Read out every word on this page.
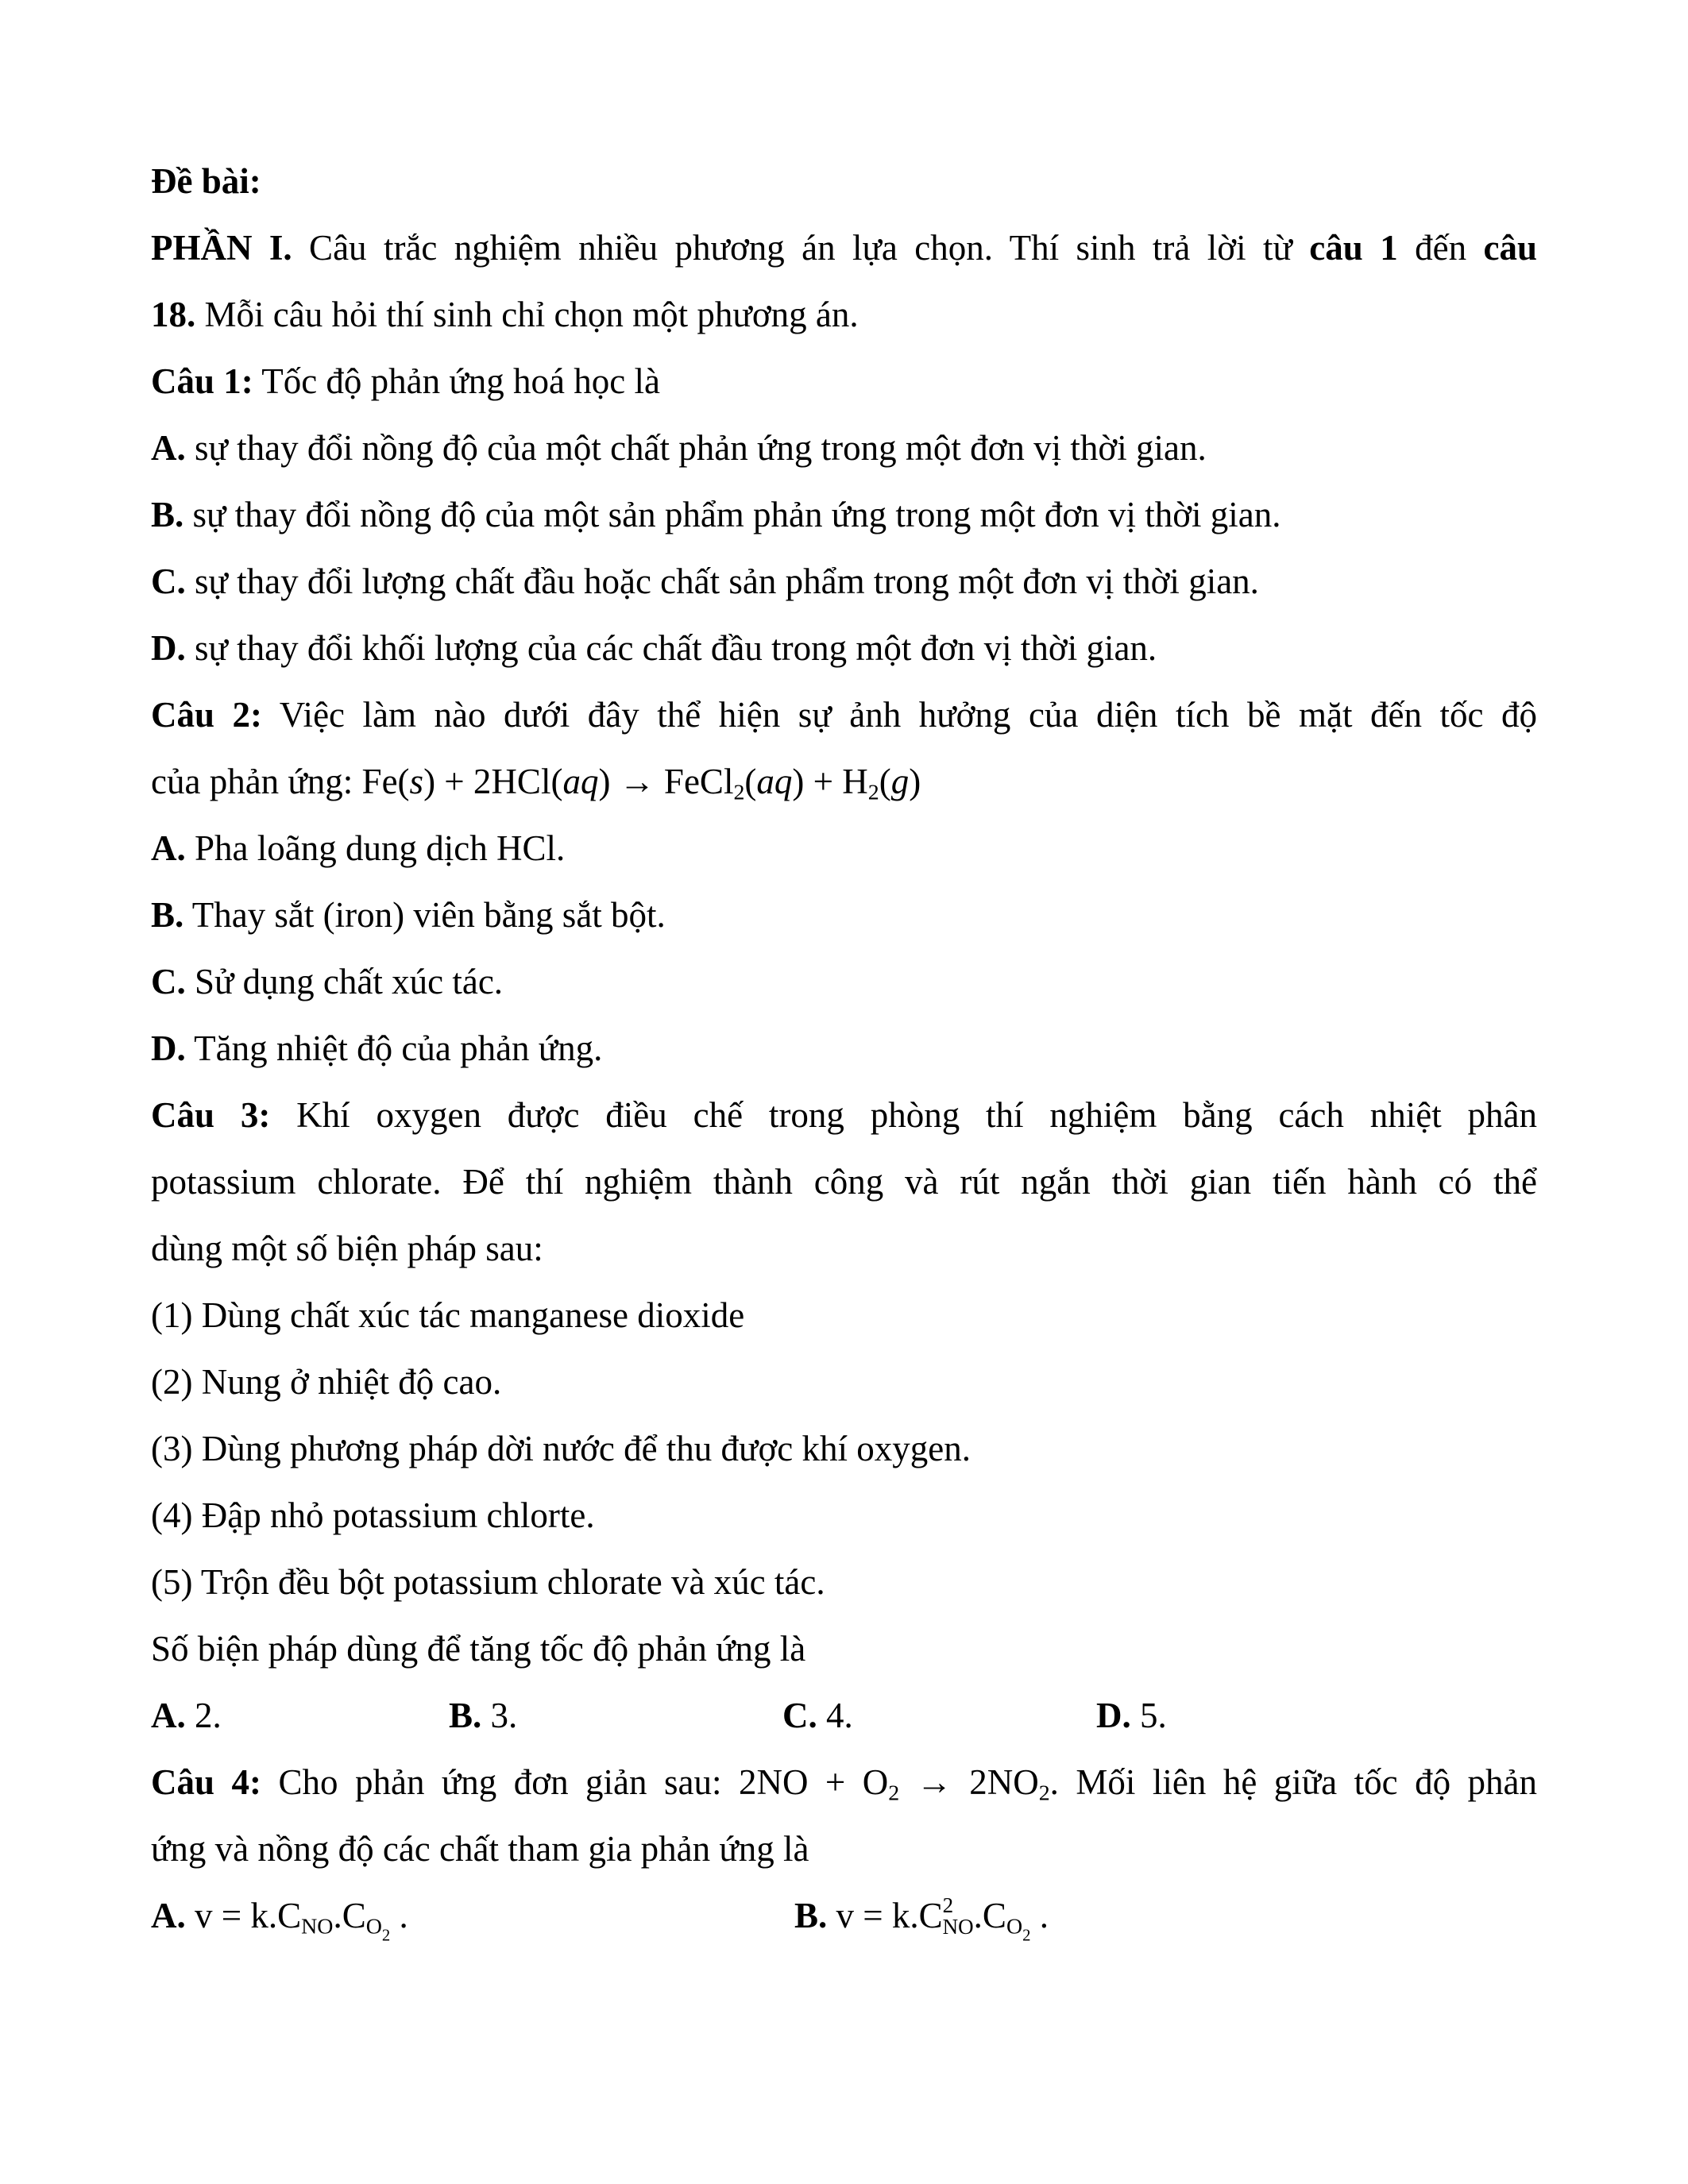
Đề bài:
PHẦN I. Câu trắc nghiệm nhiều phương án lựa chọn. Thí sinh trả lời từ câu 1 đến câu
18. Mỗi câu hỏi thí sinh chỉ chọn một phương án.
Câu 1: Tốc độ phản ứng hoá học là
A. sự thay đổi nồng độ của một chất phản ứng trong một đơn vị thời gian.
B. sự thay đổi nồng độ của một sản phẩm phản ứng trong một đơn vị thời gian.
C. sự thay đổi lượng chất đầu hoặc chất sản phẩm trong một đơn vị thời gian.
D. sự thay đổi khối lượng của các chất đầu trong một đơn vị thời gian.
Câu 2: Việc làm nào dưới đây thể hiện sự ảnh hưởng của diện tích bề mặt đến tốc độ
của phản ứng: Fe(s) + 2HCl(aq) → FeCl$_2$(aq) + $H_2(g)$
A. Pha loãng dung dịch HCl.
B. Thay sắt (iron) viên bằng sắt bột.
C. Sử dụng chất xúc tác.
D. Tăng nhiệt độ của phản ứng.
Câu 3: Khí oxygen được điều chế trong phòng thí nghiệm bằng cách nhiệt phân
potassium chlorate. Để thí nghiệm thành công và rút ngắn thời gian tiến hành có thể
dùng một số biện pháp sau:
(1) Dùng chất xúc tác manganese dioxide
(2) Nung ở nhiệt độ cao.
(3) Dùng phương pháp dời nước để thu được khí oxygen.
(4) Đập nhỏ potassium chlorte.
(5) Trộn đều bột potassium chlorate và xúc tác.
Số biện pháp dùng để tăng tốc độ phản ứng là
A. 2.	B. 3.	C. 4.	D. 5.
Câu 4: Cho phản ứng đơn giản sau: $2NO + O_2 \to 2NO_2$. Mối liên hệ giữa tốc độ phản
ứng và nồng độ các chất tham gia phản ứng là
A. $v = k.C_{NO}.C_{O2}$ .	B. v = k.C 2
NO $.C_{O2}$ .
